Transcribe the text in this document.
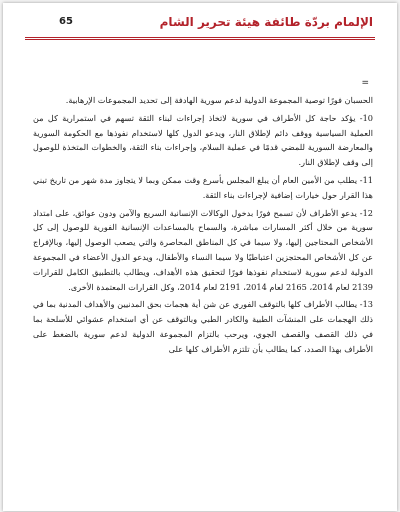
الإلمام بردّة طائفة هيئة تحرير الشام
65
=

الحسبان فورًا توصية المجموعة الدولية لدعم سورية الهادفة إلى تحديد المجموعات الإرهابية.

10- يؤكد حاجة كل الأطراف في سورية لاتخاذ إجراءات لبناء الثقة تسهم في استمرارية كل من العملية السياسية ووقف دائم لإطلاق النار، ويدعو الدول كلها لاستخدام نفوذها مع الحكومة السورية والمعارضة السورية للمضي قدمًا في عملية السلام، وإجراءات بناء الثقة، والخطوات المتخذة للوصول إلى وقف لإطلاق النار.

11- يطلب من الأمين العام أن يبلغ المجلس بأسرع وقت ممكن وبما لا يتجاوز مدة شهر من تاريخ تبني هذا القرار حول خيارات إضافية لإجراءات بناء الثقة.

12- يدعو الأطراف لأن تسمح فورًا بدخول الوكالات الإنسانية السريع والآمن ودون عوائق، على امتداد سورية من خلال أكثر المسارات مباشرة، والسماح بالمساعدات الإنسانية الفورية للوصول إلى كل الأشخاص المحتاجين إليها، ولا سيما في كل المناطق المحاصرة والتي يصعب الوصول إليها، وبالإفراج عن كل الأشخاص المحتجزين اعتباطيًا ولا سيما النساء والأطفال، ويدعو الدول الأعضاء في المجموعة الدولية لدعم سورية لاستخدام نفوذها فورًا لتحقيق هذه الأهداف، ويطالب بالتطبيق الكامل للقرارات 2139 لعام 2014، 2165 لعام 2014، 2191 لعام 2014، وكل القرارات المعتمدة الأخرى.

13- يطالب الأطراف كلها بالتوقف الفوري عن شن أية هجمات بحق المدنيين والأهداف المدنية بما في ذلك الهجمات على المنشآت الطبية والكادر الطبي وبالتوقف عن أي استخدام عشوائي للأسلحة بما في ذلك القصف والقصف الجوي، ويرحب بالتزام المجموعة الدولية لدعم سورية بالضغط على الأطراف بهذا الصدد، كما يطالب بأن تلتزم الأطراف كلها على
